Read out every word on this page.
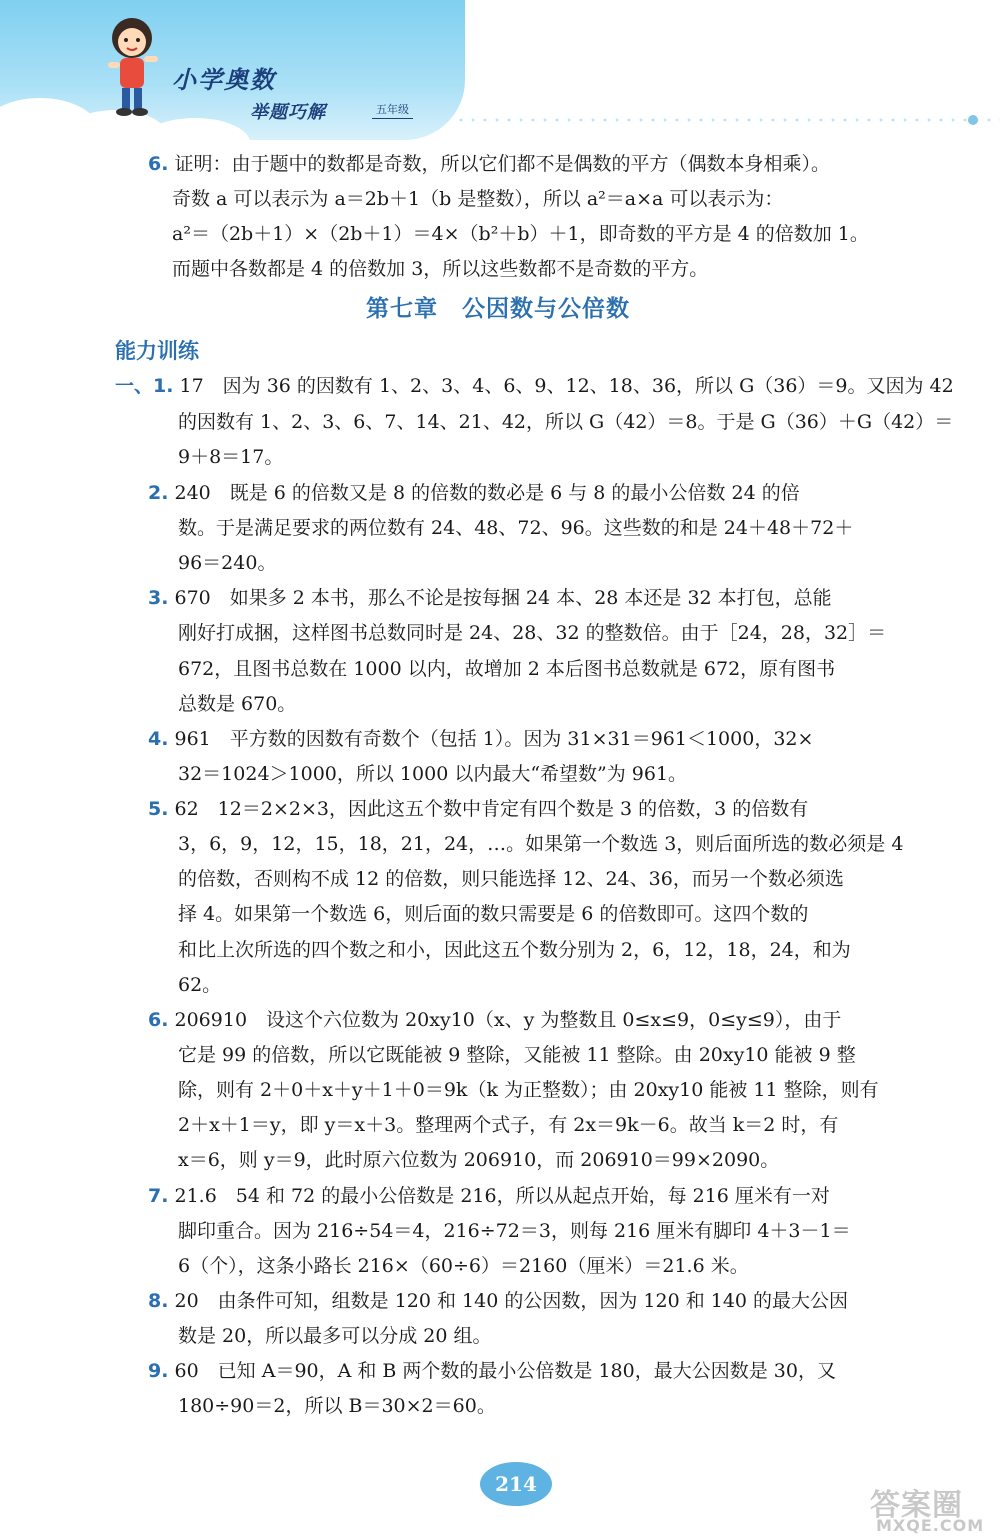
小学奥数
举题巧解	五年级
6. 证明：由于题中的数都是奇数，所以它们都不是偶数的平方（偶数本身相乘）。
奇数 a 可以表示为 a＝2b＋1（b 是整数），所以 a²＝a×a 可以表示为：
a²＝（2b＋1）×（2b＋1）＝4×（b²＋b）＋1，即奇数的平方是 4 的倍数加 1。
而题中各数都是 4 的倍数加 3，所以这些数都不是奇数的平方。
第七章　公因数与公倍数
能力训练
一、1. 17　因为 36 的因数有 1、2、3、4、6、9、12、18、36，所以 G（36）＝9。又因为 42
的因数有 1、2、3、6、7、14、21、42，所以 G（42）＝8。于是 G（36）＋G（42）＝
9＋8＝17。
2. 240　既是 6 的倍数又是 8 的倍数的数必是 6 与 8 的最小公倍数 24 的倍
数。于是满足要求的两位数有 24、48、72、96。这些数的和是 24＋48＋72＋
96＝240。
3. 670　如果多 2 本书，那么不论是按每捆 24 本、28 本还是 32 本打包，总能
刚好打成捆，这样图书总数同时是 24、28、32 的整数倍。由于［24，28，32］＝
672，且图书总数在 1000 以内，故增加 2 本后图书总数就是 672，原有图书
总数是 670。
4. 961　平方数的因数有奇数个（包括 1）。因为 31×31＝961＜1000，32×
32＝1024＞1000，所以 1000 以内最大“希望数”为 961。
5. 62　12＝2×2×3，因此这五个数中肯定有四个数是 3 的倍数，3 的倍数有
3，6，9，12，15，18，21，24，…。如果第一个数选 3，则后面所选的数必须是 4
的倍数，否则构不成 12 的倍数，则只能选择 12、24、36，而另一个数必须选
择 4。如果第一个数选 6，则后面的数只需要是 6 的倍数即可。这四个数的
和比上次所选的四个数之和小，因此这五个数分别为 2，6，12，18，24，和为
62。
6. 206910　设这个六位数为 20xy10（x、y 为整数且 0≤x≤9，0≤y≤9），由于
它是 99 的倍数，所以它既能被 9 整除，又能被 11 整除。由 20xy10 能被 9 整
除，则有 2＋0＋x＋y＋1＋0＝9k（k 为正整数）；由 20xy10 能被 11 整除，则有
2＋x＋1＝y，即 y＝x＋3。整理两个式子，有 2x＝9k－6。故当 k＝2 时，有
x＝6，则 y＝9，此时原六位数为 206910，而 206910＝99×2090。
7. 21.6　54 和 72 的最小公倍数是 216，所以从起点开始，每 216 厘米有一对
脚印重合。因为 216÷54＝4，216÷72＝3，则每 216 厘米有脚印 4＋3－1＝
6（个），这条小路长 216×（60÷6）＝2160（厘米）＝21.6 米。
8. 20　由条件可知，组数是 120 和 140 的公因数，因为 120 和 140 的最大公因
数是 20，所以最多可以分成 20 组。
9. 60　已知 A＝90，A 和 B 两个数的最小公倍数是 180，最大公因数是 30，又
180÷90＝2，所以 B＝30×2＝60。
214
答案圈
MXQE.COM
